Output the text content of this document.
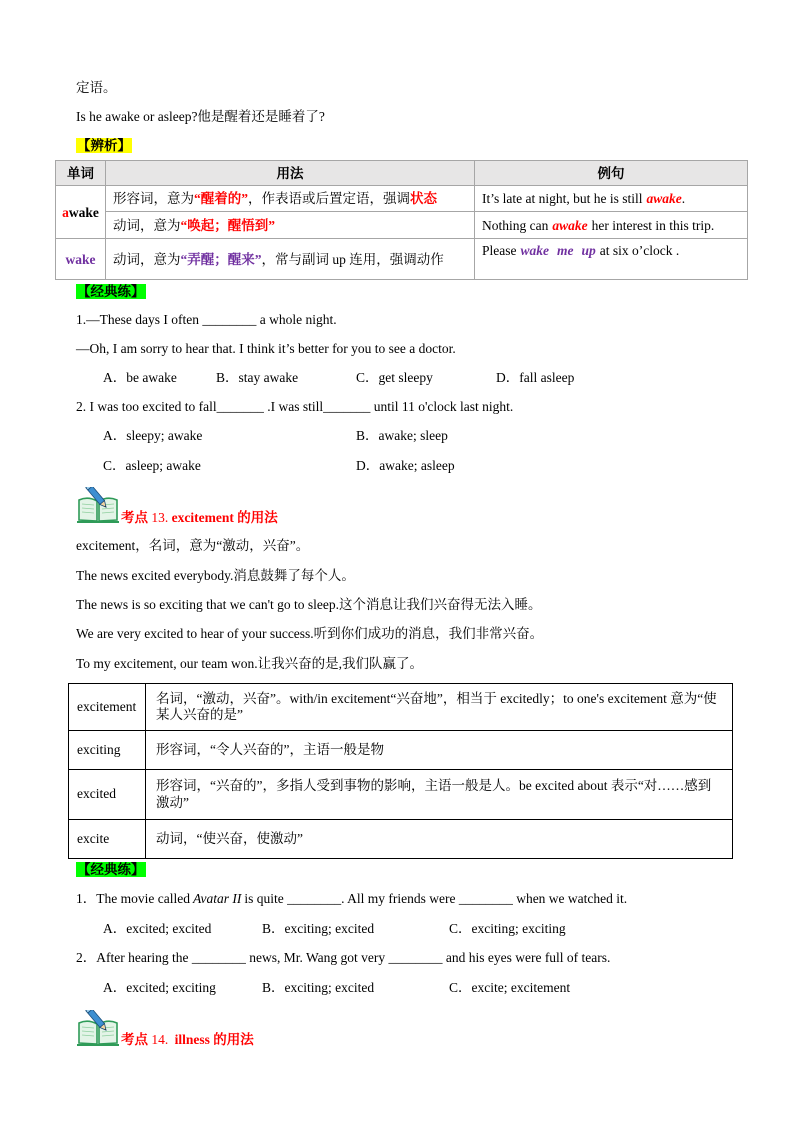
定语。
Is he awake or asleep?他是醒着还是睡着了?
【辨析】
单词	用法	例句
awake	形容词，意为“醒着的”，作表语或后置定语，强调状态	It’s late at night, but he is still awake.
	动词，意为“唤起；醒悟到”	Nothing can awake her interest in this trip.
wake	动词，意为“弄醒；醒来”，常与副词 up 连用，强调动作	Please wake me up at six o’clock .
【经典练】
1.—These days I often ________ a whole night.
—Oh, I am sorry to hear that. I think it’s better for you to see a doctor.
A．be awake	B．stay awake	C．get sleepy	D．fall asleep
2. I was too excited to fall_______ .I was still_______ until 11 o'clock last night.
A．sleepy; awake	B．awake; sleep
C．asleep; awake	D．awake; asleep
考点 13. excitement 的用法
excitement，名词，意为“激动，兴奋”。
The news excited everybody.消息鼓舞了每个人。
The news is so exciting that we can't go to sleep.这个消息让我们兴奋得无法入睡。
We are very excited to hear of your success.听到你们成功的消息，我们非常兴奋。
To my excitement, our team won.让我兴奋的是,我们队赢了。
excitement	名词，“激动，兴奋”。with/in excitement“兴奋地”，相当于 excitedly；to one's excitement 意为“使某人兴奋的是”
exciting	形容词，“令人兴奋的”，主语一般是物
excited	形容词，“兴奋的”，多指人受到事物的影响，主语一般是人。be excited about 表示“对……感到激动”
excite	动词，“使兴奋，使激动”
【经典练】
1．The movie called Avatar II is quite ________. All my friends were ________ when we watched it.
A．excited; excited	B．exciting; excited	C．exciting; exciting
2．After hearing the ________ news, Mr. Wang got very ________ and his eyes were full of tears.
A．excited; exciting	B．exciting; excited	C．excite; excitement
考点 14. illness 的用法
